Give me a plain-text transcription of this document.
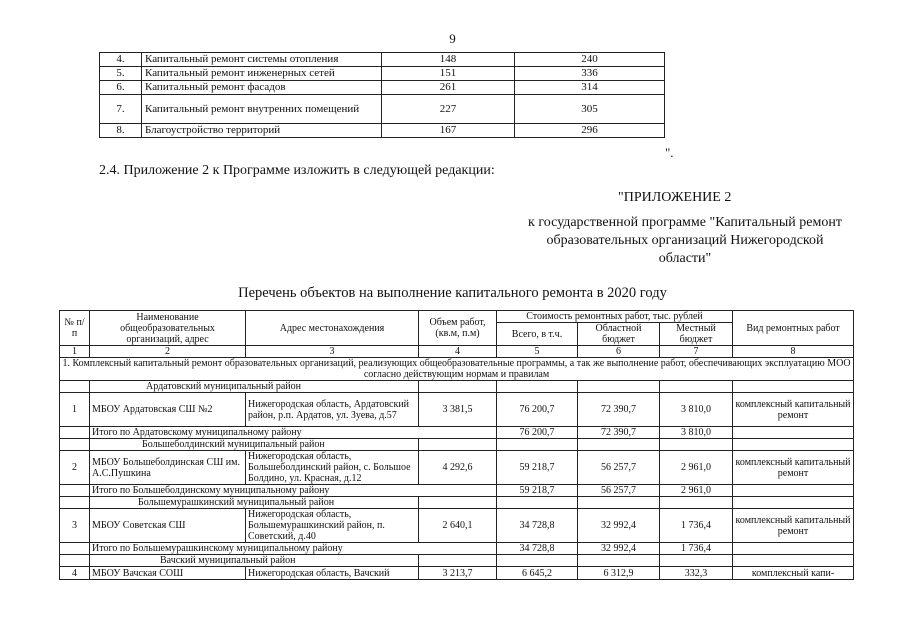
9
4.	Капитальный ремонт системы отопления	148	240
5.	Капитальный ремонт инженерных сетей	151	336
6.	Капитальный ремонт фасадов	261	314
7.	Капитальный ремонт внутренних помещений	227	305
8.	Благоустройство территорий	167	296
".
2.4. Приложение 2 к Программе изложить в следующей редакции:
"ПРИЛОЖЕНИЕ 2
к государственной программе "Капитальный ремонт образовательных организаций Нижегородской области"
Перечень объектов на выполнение капитального ремонта в 2020 году
№ п/п	Наименование общеобразовательных организаций, адрес	Адрес местонахождения	Объем работ, (кв.м, п.м)	Стоимость ремонтных работ, тыс. рублей			Вид ремонтных работ
				Всего, в т.ч.	Областной бюджет	Местный бюджет	
1	2	3	4	5	6	7	8
1. Комплексный капитальный ремонт образовательных организаций, реализующих общеобразовательные программы, а так же выполнение работ, обеспечивающих эксплуатацию МОО согласно действующим нормам и правилам							
	Ардатовский муниципальный район						
1	МБОУ Ардатовская СШ №2	Нижегородская область, Ардатовский район, р.п. Ардатов, ул. Зуева, д.57	3 381,5	76 200,7	72 390,7	3 810,0	комплексный капитальный ремонт
	Итого по Ардатовскому муниципальному району			76 200,7	72 390,7	3 810,0	
	Большеболдинский муниципальный район						
2	МБОУ Большеболдинская СШ им. А.С.Пушкина	Нижегородская область, Большеболдинский район, с. Большое Болдино, ул. Красная, д.12	4 292,6	59 218,7	56 257,7	2 961,0	комплексный капитальный ремонт
	Итого по Большеболдинскому муниципальному району			59 218,7	56 257,7	2 961,0	
	Большемурашкинский муниципальный район						
3	МБОУ Советская СШ	Нижегородская область, Большемурашкинский район, п. Советский, д.40	2 640,1	34 728,8	32 992,4	1 736,4	комплексный капитальный ремонт
	Итого по Большемурашкинскому муниципальному району			34 728,8	32 992,4	1 736,4	
	Вачский муниципальный район						
4	МБОУ Вачская СОШ	Нижегородская область, Вачский	3 213,7	6 645,2	6 312,9	332,3	комплексный капи-
